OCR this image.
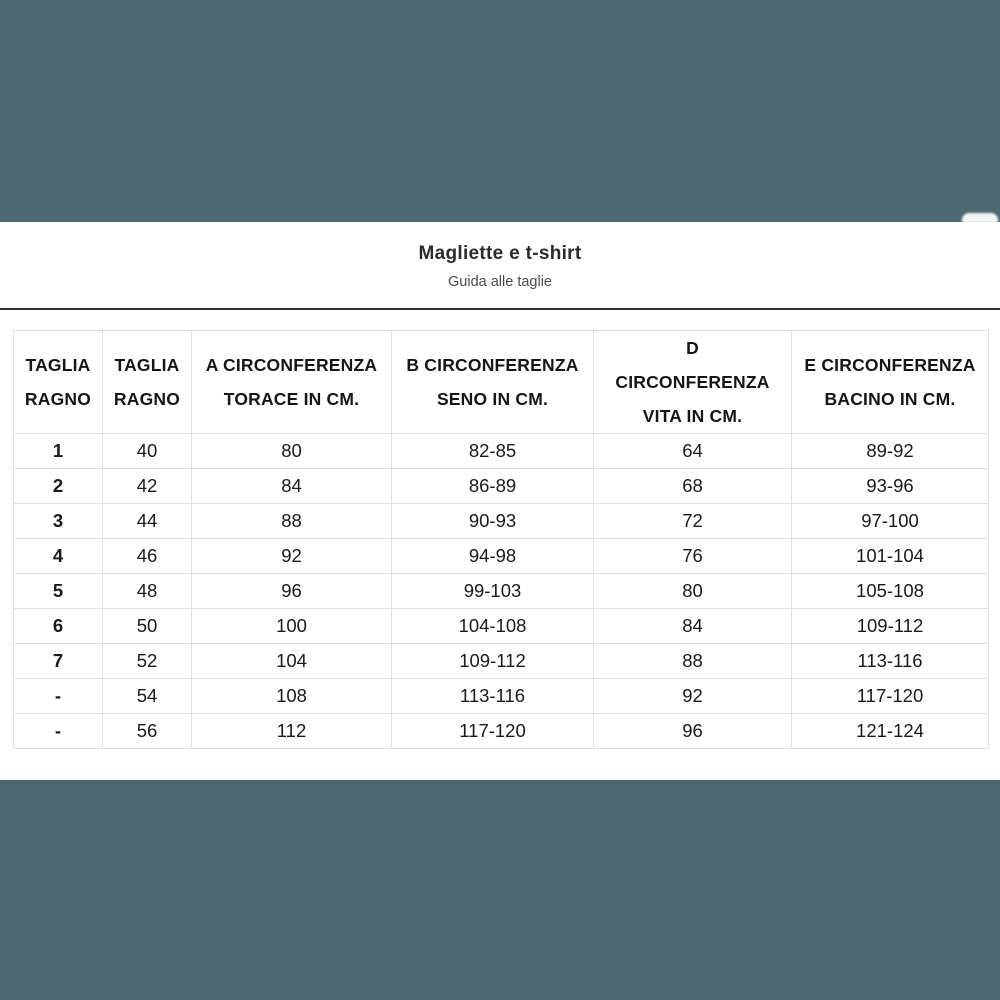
Magliette e t-shirt
Guida alle taglie
TAGLIA
RAGNO

TAGLIA
RAGNO

A CIRCONFERENZA
TORACE IN CM.

B CIRCONFERENZA
SENO IN CM.

D
CIRCONFERENZA
VITA IN CM.

E CIRCONFERENZA
BACINO IN CM.

1	40	80	82-85	64	89-92
2	42	84	86-89	68	93-96
3	44	88	90-93	72	97-100
4	46	92	94-98	76	101-104
5	48	96	99-103	80	105-108
6	50	100	104-108	84	109-112
7	52	104	109-112	88	113-116
-	54	108	113-116	92	117-120
-	56	112	117-120	96	121-124
